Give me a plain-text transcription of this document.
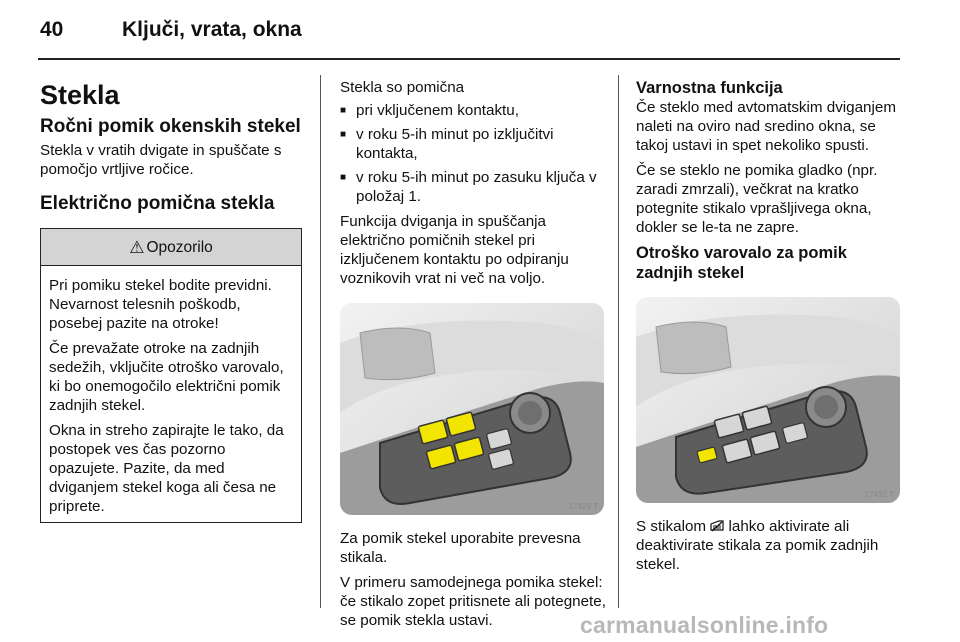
40	Ključi, vrata, okna
Stekla
Ročni pomik okenskih stekel

Stekla v vratih dvigate in spuščate s pomočjo vrtljive ročice.

Električno pomična stekla
⚠ Opozorilo

Pri pomiku stekel bodite previdni. Nevarnost telesnih poškodb, posebej pazite na otroke!

Če prevažate otroke na zadnjih sedežih, vključite otroško varovalo, ki bo onemogočilo električni pomik zadnjih stekel.

Okna in streho zapirajte le tako, da postopek ves čas pozorno opazujete. Pazite, da med dviganjem stekel koga ali česa ne priprete.

Stekla so pomična

■ pri vključenem kontaktu,
■ v roku 5-ih minut po izključitvi kontakta,
■ v roku 5-ih minut po zasuku ključa v položaj 1.

Funkcija dviganja in spuščanja električno pomičnih stekel pri izključenem kontaktu po odpiranju voznikovih vrat ni več na voljo.

17429 T

Za pomik stekel uporabite prevesna stikala.

V primeru samodejnega pomika stekel: če stikalo zopet pritisnete ali potegnete, se pomik stekla ustavi.

Varnostna funkcija

Če steklo med avtomatskim dviganjem naleti na oviro nad sredino okna, se takoj ustavi in spet nekoliko spusti.

Če se steklo ne pomika gladko (npr. zaradi zmrzali), večkrat na kratko potegnite stikalo vprašljivega okna, dokler se le-ta ne zapre.

Otroško varovalo za pomik zadnjih stekel
17431 T

S stikalom lahko aktivirate ali deaktivirate stikala za pomik zadnjih stekel.

carmanualsonline.info
